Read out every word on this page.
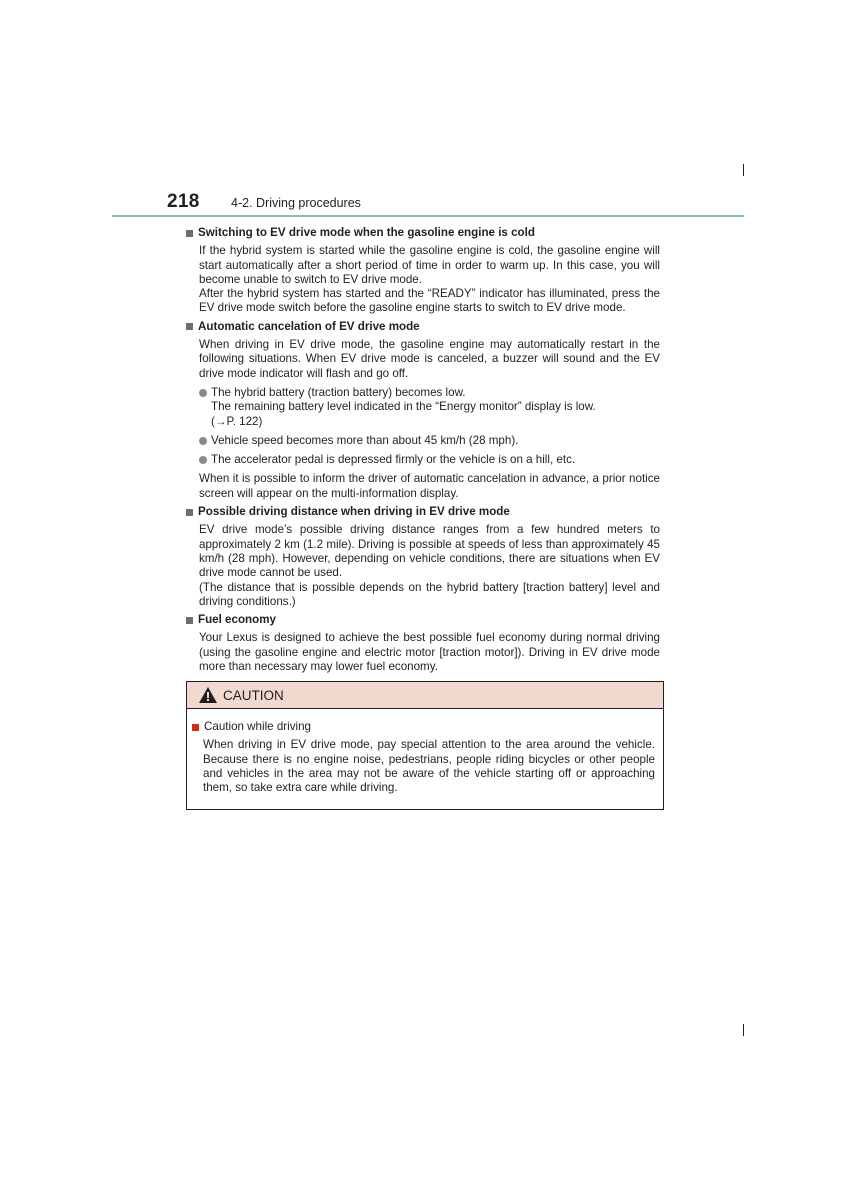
218	4-2. Driving procedures
Switching to EV drive mode when the gasoline engine is cold

If the hybrid system is started while the gasoline engine is cold, the gasoline engine will start automatically after a short period of time in order to warm up. In this case, you will become unable to switch to EV drive mode.

After the hybrid system has started and the “READY” indicator has illuminated, press the EV drive mode switch before the gasoline engine starts to switch to EV drive mode.

Automatic cancelation of EV drive mode

When driving in EV drive mode, the gasoline engine may automatically restart in the following situations. When EV drive mode is canceled, a buzzer will sound and the EV drive mode indicator will flash and go off.

The hybrid battery (traction battery) becomes low.
The remaining battery level indicated in the “Energy monitor” display is low.
(→P. 122)
Vehicle speed becomes more than about 45 km/h (28 mph).
The accelerator pedal is depressed firmly or the vehicle is on a hill, etc.

When it is possible to inform the driver of automatic cancelation in advance, a prior notice screen will appear on the multi-information display.

Possible driving distance when driving in EV drive mode

EV drive mode’s possible driving distance ranges from a few hundred meters to approximately 2 km (1.2 mile). Driving is possible at speeds of less than approximately 45 km/h (28 mph). However, depending on vehicle conditions, there are situations when EV drive mode cannot be used.

(The distance that is possible depends on the hybrid battery [traction battery] level and driving conditions.)

Fuel economy

Your Lexus is designed to achieve the best possible fuel economy during normal driving (using the gasoline engine and electric motor [traction motor]). Driving in EV drive mode more than necessary may lower fuel economy.

CAUTION
Caution while driving

When driving in EV drive mode, pay special attention to the area around the vehicle. Because there is no engine noise, pedestrians, people riding bicycles or other people and vehicles in the area may not be aware of the vehicle starting off or approaching them, so take extra care while driving.
